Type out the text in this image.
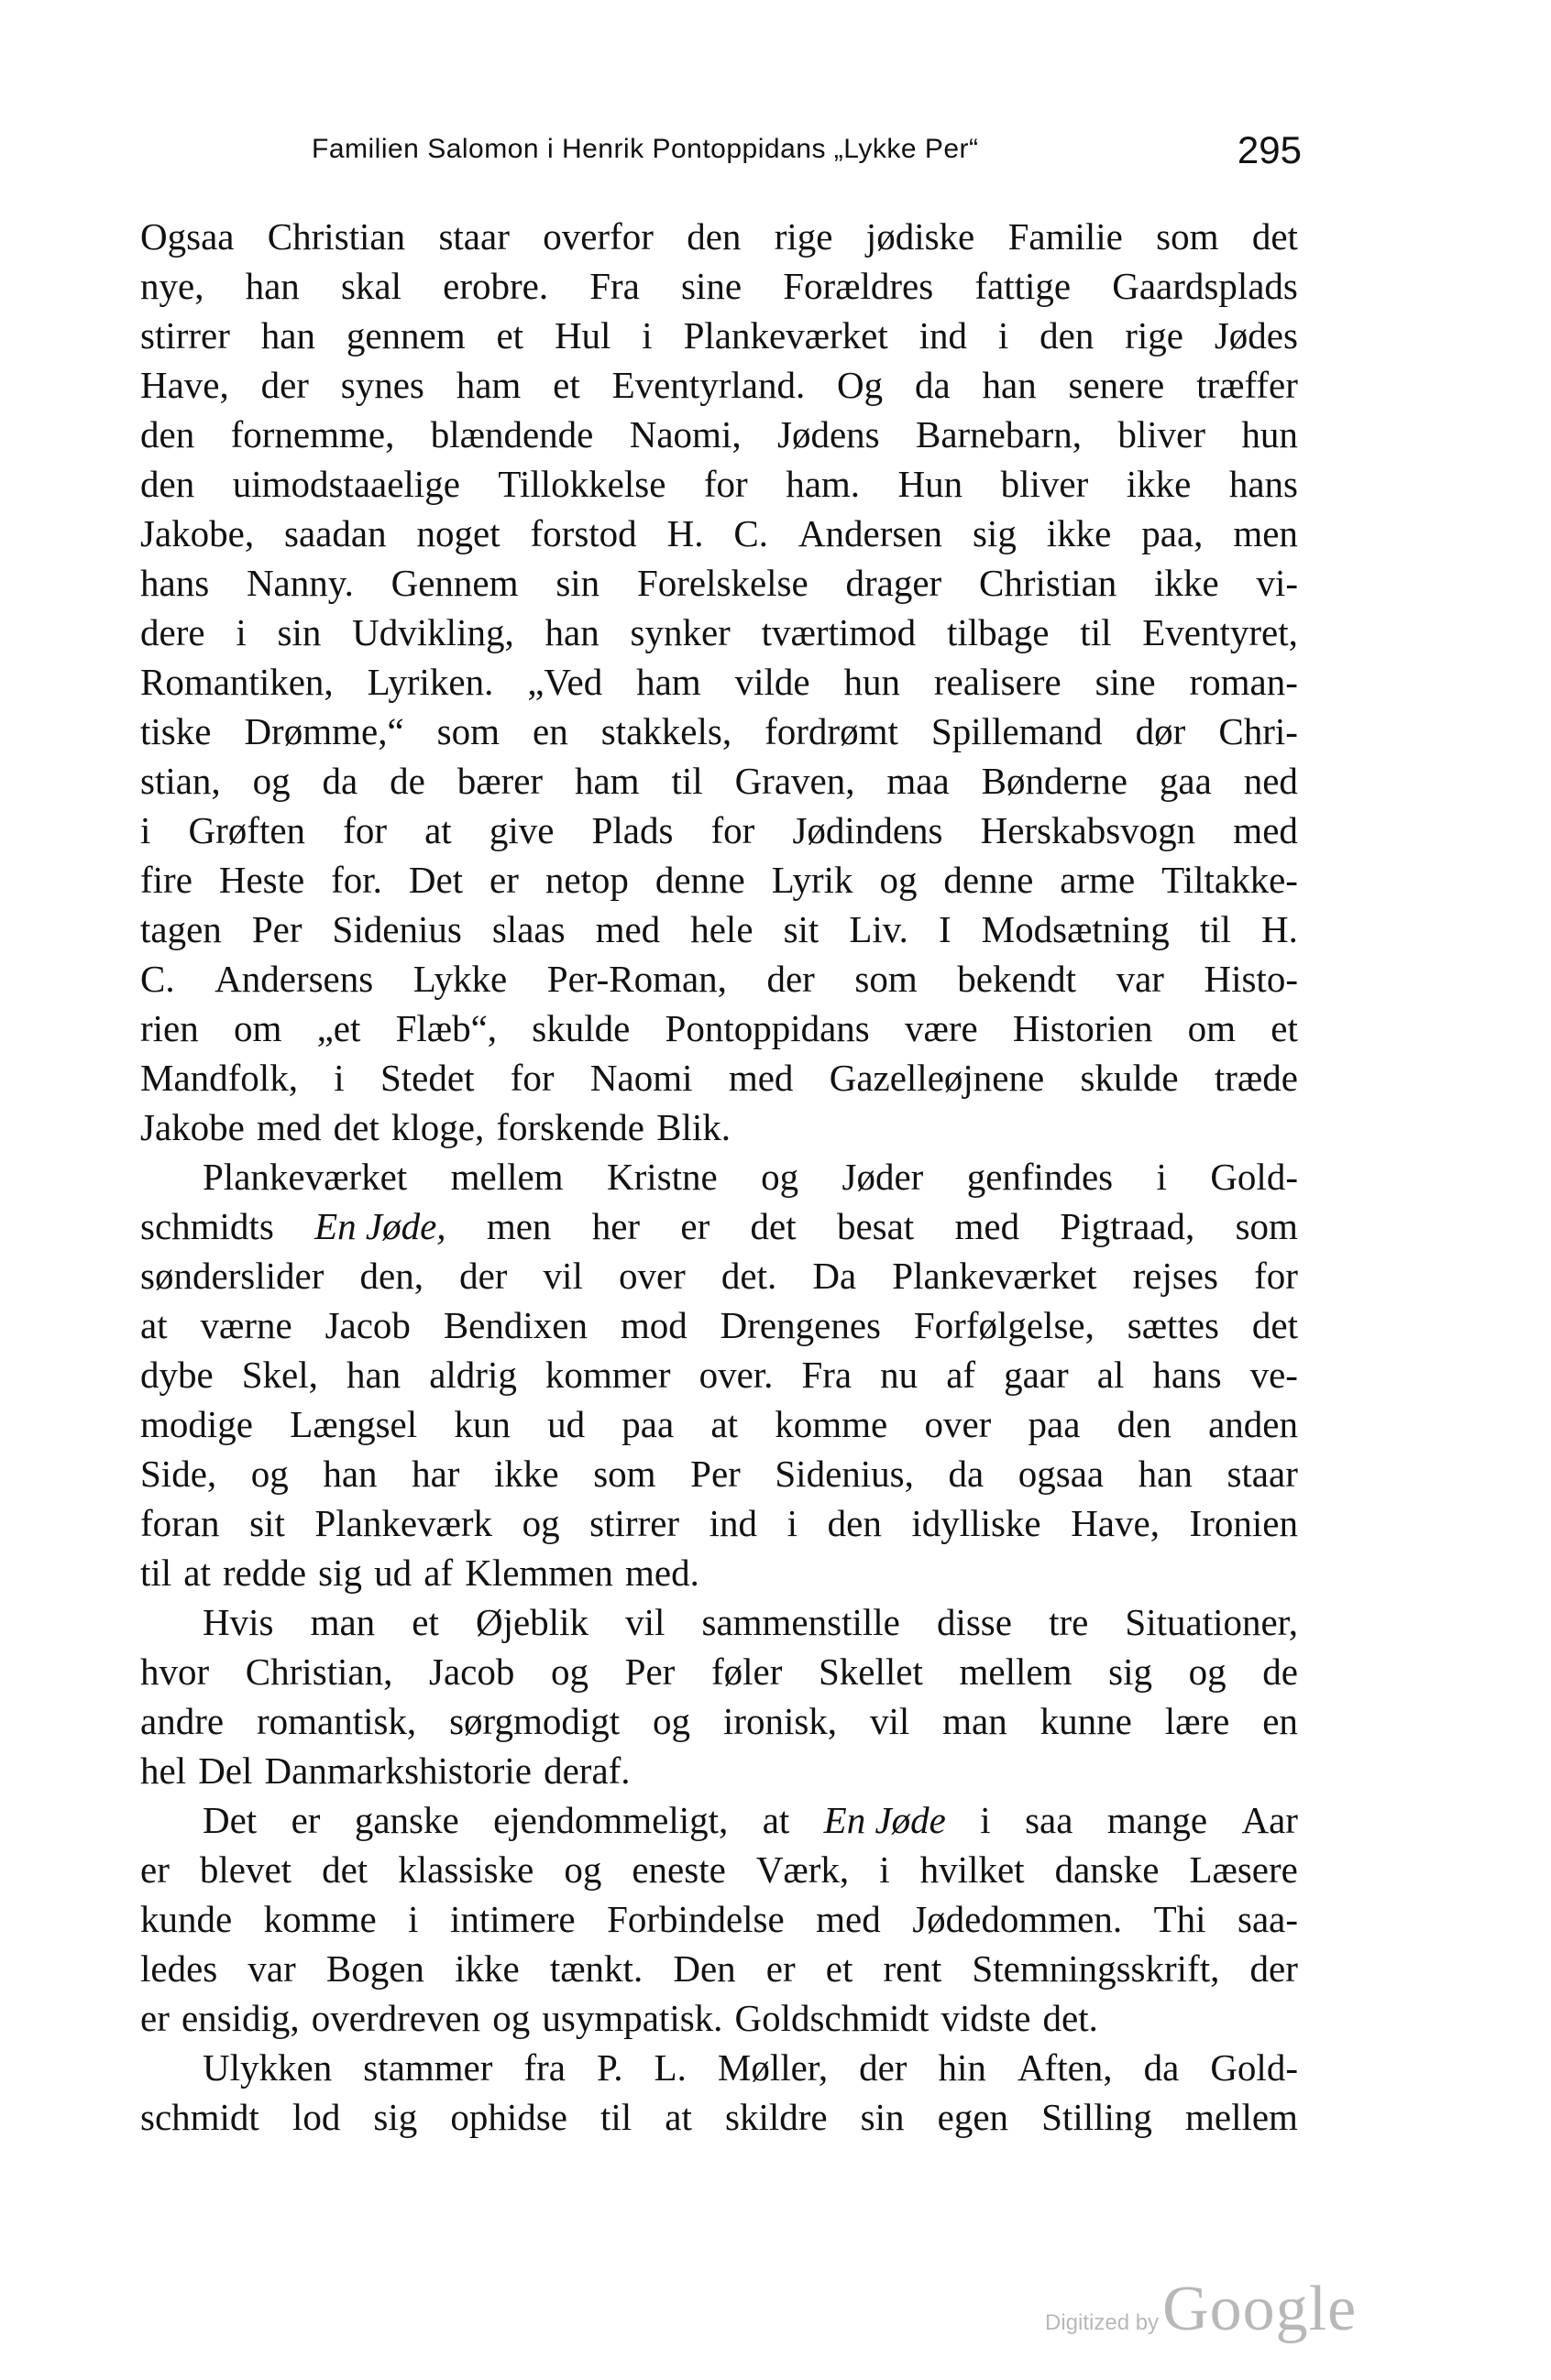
Familien Salomon i Henrik Pontoppidans „Lykke Per“	295
Ogsaa Christian staar overfor den rige jødiske Familie som det
nye, han skal erobre. Fra sine Forældres fattige Gaardsplads
stirrer han gennem et Hul i Plankeværket ind i den rige Jødes
Have, der synes ham et Eventyrland. Og da han senere træffer
den fornemme, blændende Naomi, Jødens Barnebarn, bliver hun
den uimodstaaelige Tillokkelse for ham. Hun bliver ikke hans
Jakobe, saadan noget forstod H. C. Andersen sig ikke paa, men
hans Nanny. Gennem sin Forelskelse drager Christian ikke vi-
dere i sin Udvikling, han synker tværtimod tilbage til Eventyret,
Romantiken, Lyriken. „Ved ham vilde hun realisere sine roman-
tiske Drømme,“ som en stakkels, fordrømt Spillemand dør Chri-
stian, og da de bærer ham til Graven, maa Bønderne gaa ned
i Grøften for at give Plads for Jødindens Herskabsvogn med
fire Heste for. Det er netop denne Lyrik og denne arme Tiltakke-
tagen Per Sidenius slaas med hele sit Liv. I Modsætning til H.
C. Andersens Lykke Per-Roman, der som bekendt var Histo-
rien om „et Flæb“, skulde Pontoppidans være Historien om et
Mandfolk, i Stedet for Naomi med Gazelleøjnene skulde træde
Jakobe med det kloge, forskende Blik.
Plankeværket mellem Kristne og Jøder genfindes i Gold-
schmidts En Jøde, men her er det besat med Pigtraad, som
sønderslider den, der vil over det. Da Plankeværket rejses for
at værne Jacob Bendixen mod Drengenes Forfølgelse, sættes det
dybe Skel, han aldrig kommer over. Fra nu af gaar al hans ve-
modige Længsel kun ud paa at komme over paa den anden
Side, og han har ikke som Per Sidenius, da ogsaa han staar
foran sit Plankeværk og stirrer ind i den idylliske Have, Ironien
til at redde sig ud af Klemmen med.
Hvis man et Øjeblik vil sammenstille disse tre Situationer,
hvor Christian, Jacob og Per føler Skellet mellem sig og de
andre romantisk, sørgmodigt og ironisk, vil man kunne lære en
hel Del Danmarkshistorie deraf.
Det er ganske ejendommeligt, at En Jøde i saa mange Aar
er blevet det klassiske og eneste Værk, i hvilket danske Læsere
kunde komme i intimere Forbindelse med Jødedommen. Thi saa-
ledes var Bogen ikke tænkt. Den er et rent Stemningsskrift, der
er ensidig, overdreven og usympatisk. Goldschmidt vidste det.
Ulykken stammer fra P. L. Møller, der hin Aften, da Gold-
schmidt lod sig ophidse til at skildre sin egen Stilling mellem
Digitized by Google
